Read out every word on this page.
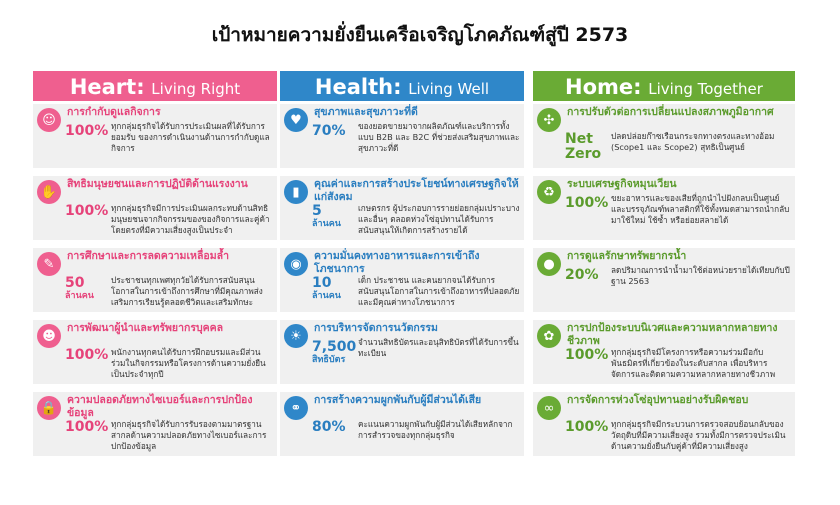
เป้าหมายความยั่งยืนเครือเจริญโภคภัณฑ์สู่ปี 2573
Heart: Living Right
☺
การกำกับดูแลกิจการ
100% ทุกกลุ่มธุรกิจได้รับการประเมินผลที่ได้รับการยอมรับ ของการดำเนินงานด้านการกำกับดูแลกิจการ
✋
สิทธิมนุษยชนและการปฏิบัติด้านแรงงาน
100% ทุกกลุ่มธุรกิจมีการประเมินผลกระทบด้านสิทธิมนุษยชนจากกิจกรรมของของกิจการและคู่ค้าโดยตรงที่มีความเสี่ยงสูงเป็นประจำ
✎
การศึกษาและการลดความเหลื่อมล้ำ
50
ล้านคน
ประชาชนทุกเพศทุกวัยได้รับการสนับสนุนโอกาสในการเข้าถึงการศึกษาที่มีคุณภาพส่งเสริมการเรียนรู้ตลอดชีวิตและเสริมทักษะ
☻
การพัฒนาผู้นำและทรัพยากรบุคคล
100% พนักงานทุกคนได้รับการฝึกอบรมและมีส่วนร่วมในกิจกรรมหรือโครงการด้านความยั่งยืน เป็นประจำทุกปี
🔒
ความปลอดภัยทางไซเบอร์และการปกป้องข้อมูล
100% ทุกกลุ่มธุรกิจได้รับการรับรองตามมาตรฐานสากลด้านความปลอดภัยทางไซเบอร์และการปกป้องข้อมูล
Health: Living Well
♥
สุขภาพและสุขภาวะที่ดี
70% ของยอดขายมาจากผลิตภัณฑ์และบริการทั้งแบบ B2B และ B2C ที่ช่วยส่งเสริมสุขภาพและสุขภาวะที่ดี
▮
คุณค่าและการสร้างประโยชน์ทางเศรษฐกิจให้แก่สังคม
5
ล้านคน
เกษตรกร ผู้ประกอบการรายย่อยกลุ่มเปราะบาง และอื่นๆ ตลอดห่วงโซ่อุปทานได้รับการสนับสนุนให้เกิดการสร้างรายได้
◉
ความมั่นคงทางอาหารและการเข้าถึงโภชนาการ
10
ล้านคน
เด็ก ประชาชน และคนยากจนได้รับการสนับสนุนโอกาสในการเข้าถึงอาหารที่ปลอดภัยและมีคุณค่าทางโภชนาการ
☀
การบริหารจัดการนวัตกรรม
7,500
สิทธิบัตร
จำนวนสิทธิบัตรและอนุสิทธิบัตรที่ได้รับการขึ้นทะเบียน
⚭
การสร้างความผูกพันกับผู้มีส่วนได้เสีย
80% คะแนนความผูกพันกับผู้มีส่วนได้เสียหลักจากการสำรวจของทุกกลุ่มธุรกิจ
Home: Living Together
✣
การปรับตัวต่อการเปลี่ยนแปลงสภาพภูมิอากาศ
Net Zero
ปลดปล่อยก๊าซเรือนกระจกทางตรงและทางอ้อม (Scope1 และ Scope2) สุทธิเป็นศูนย์
♻
ระบบเศรษฐกิจหมุนเวียน
100% ขยะอาหารและของเสียที่ถูกนำไปฝังกลบเป็นศูนย์และบรรจุภัณฑ์พลาสติกที่ใช้ทั้งหมดสามารถนำกลับมาใช้ใหม่ ใช้ซ้ำ หรือย่อยสลายได้
●
การดูแลรักษาทรัพยากรน้ำ
20% ลดปริมาณการนำน้ำมาใช้ต่อหน่วยรายได้เทียบกับปีฐาน 2563
✿
การปกป้องระบบนิเวศและความหลากหลายทางชีวภาพ
100% ทุกกลุ่มธุรกิจมีโครงการหรือความร่วมมือกับพันธมิตรที่เกี่ยวข้องในระดับสากล เพื่อบริหารจัดการและติดตามความหลากหลายทางชีวภาพ
∞
การจัดการห่วงโซ่อุปทานอย่างรับผิดชอบ
100% ทุกกลุ่มธุรกิจมีกระบวนการตรวจสอบย้อนกลับของวัตถุดิบที่มีความเสี่ยงสูง รวมทั้งมีการตรวจประเมินด้านความยั่งยืนกับคู่ค้าที่มีความเสี่ยงสูง
